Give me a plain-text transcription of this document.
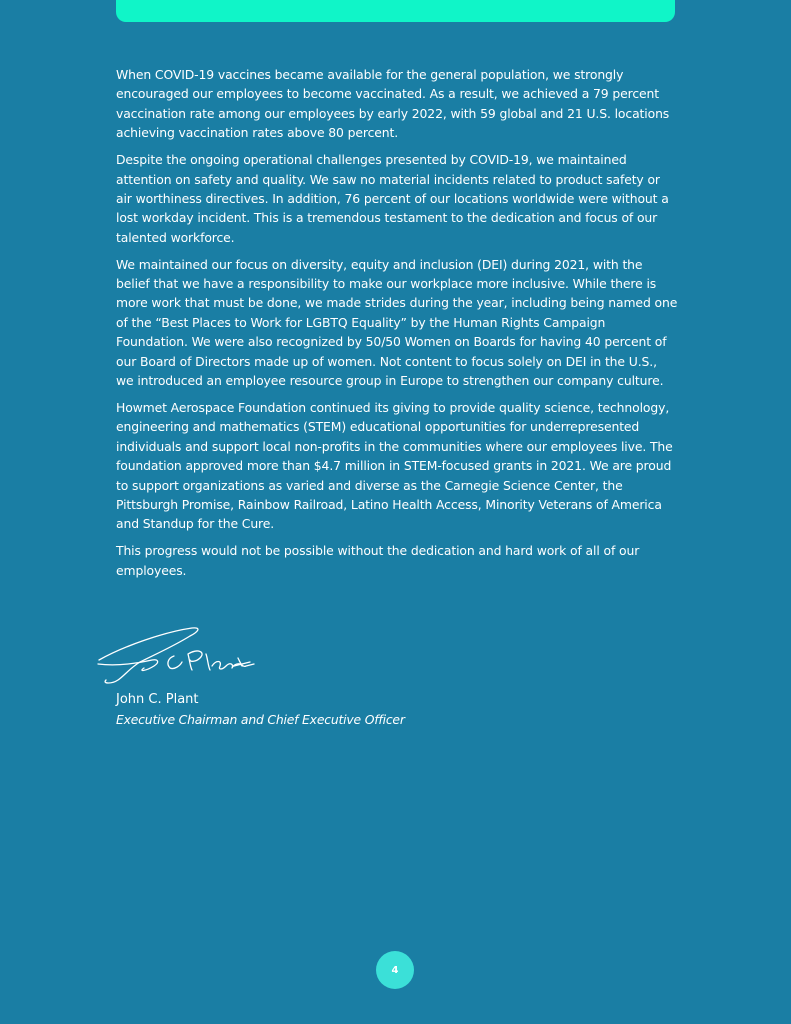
When COVID-19 vaccines became available for the general population, we strongly encouraged our employees to become vaccinated. As a result, we achieved a 79 percent vaccination rate among our employees by early 2022, with 59 global and 21 U.S. locations achieving vaccination rates above 80 percent.

Despite the ongoing operational challenges presented by COVID-19, we maintained attention on safety and quality. We saw no material incidents related to product safety or air worthiness directives. In addition, 76 percent of our locations worldwide were without a lost workday incident. This is a tremendous testament to the dedication and focus of our talented workforce.

We maintained our focus on diversity, equity and inclusion (DEI) during 2021, with the belief that we have a responsibility to make our workplace more inclusive. While there is more work that must be done, we made strides during the year, including being named one of the “Best Places to Work for LGBTQ Equality” by the Human Rights Campaign Foundation. We were also recognized by 50/50 Women on Boards for having 40 percent of our Board of Directors made up of women. Not content to focus solely on DEI in the U.S., we introduced an employee resource group in Europe to strengthen our company culture.

Howmet Aerospace Foundation continued its giving to provide quality science, technology, engineering and mathematics (STEM) educational opportunities for underrepresented individuals and support local non-profits in the communities where our employees live. The foundation approved more than $4.7 million in STEM-focused grants in 2021. We are proud to support organizations as varied and diverse as the Carnegie Science Center, the Pittsburgh Promise, Rainbow Railroad, Latino Health Access, Minority Veterans of America and Standup for the Cure.

This progress would not be possible without the dedication and hard work of all of our employees.

John C. Plant
Executive Chairman and Chief Executive Officer
4
